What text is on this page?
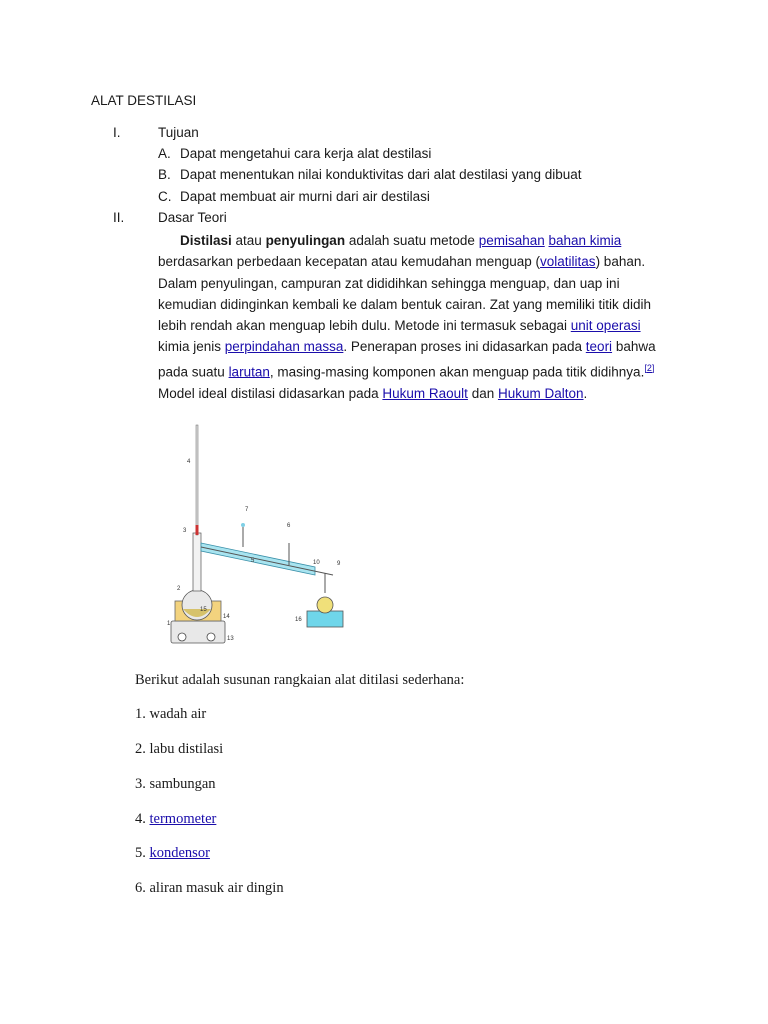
ALAT DESTILASI
I.	Tujuan
A. Dapat mengetahui cara kerja alat destilasi
B. Dapat menentukan nilai konduktivitas dari alat destilasi yang dibuat
C. Dapat membuat air murni dari air destilasi
II. Dasar Teori
Distilasi atau penyulingan adalah suatu metode pemisahan bahan kimia
berdasarkan perbedaan kecepatan atau kemudahan menguap (volatilitas) bahan.
Dalam penyulingan, campuran zat dididihkan sehingga menguap, dan uap ini
kemudian didinginkan kembali ke dalam bentuk cairan. Zat yang memiliki titik didih
lebih rendah akan menguap lebih dulu. Metode ini termasuk sebagai unit operasi
kimia jenis perpindahan massa. Penerapan proses ini didasarkan pada teori bahwa
pada suatu larutan, masing-masing komponen akan menguap pada titik didihnya.[2]
Model ideal distilasi didasarkan pada Hukum Raoult dan Hukum Dalton.
4
3
2
1
15
14
13
7
6
5	10	9
16
Berikut adalah susunan rangkaian alat ditilasi sederhana:
1. wadah air
2. labu distilasi
3. sambungan
4. termometer
5. kondensor
6. aliran masuk air dingin
